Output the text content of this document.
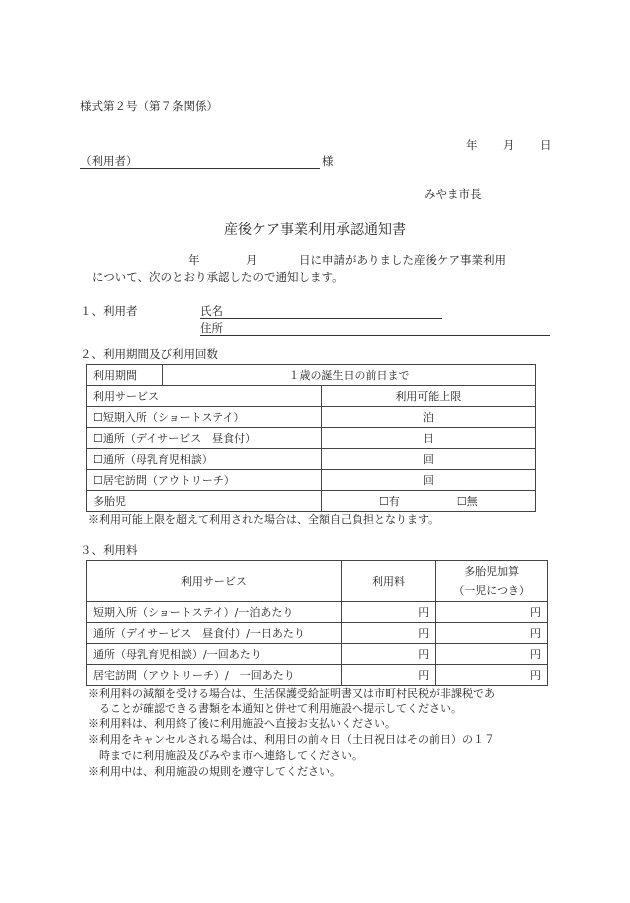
様式第２号（第７条関係）
年 月 日
（利用者）	様
みやま市長
産後ケア事業利用承認通知書
年	月	日に申請がありました産後ケア事業利用
について、次のとおり承認したので通知します。
１、利用者	氏名
住所
２、利用期間及び利用回数
利用期間	１歳の誕生日の前日まで	
利用サービス		利用可能上限
☐短期入所（ショートステイ）		泊
☐通所（デイサービス　昼食付）		日
☐通所（母乳育児相談）		回
☐居宅訪問（アウトリーチ）		回
多胎児		☐有 ☐無
※利用可能上限を超えて利用された場合は、全額自己負担となります。
３、利用料
利用サービス	利用料	多胎児加算
（一児につき）

短期入所（ショートステイ）/一泊あたり	円	円
通所（デイサービス　昼食付）/一日あたり	円	円
通所（母乳育児相談）/一回あたり	円	円
居宅訪問（アウトリーチ）/　一回あたり	円	円
※利用料の減額を受ける場合は、生活保護受給証明書又は市町村民税が非課税であ
　ることが確認できる書類を本通知と併せて利用施設へ提示してください。
※利用料は、利用終了後に利用施設へ直接お支払いください。
※利用をキャンセルされる場合は、利用日の前々日（土日祝日はその前日）の１７
　時までに利用施設及びみやま市へ連絡してください。
※利用中は、利用施設の規則を遵守してください。
